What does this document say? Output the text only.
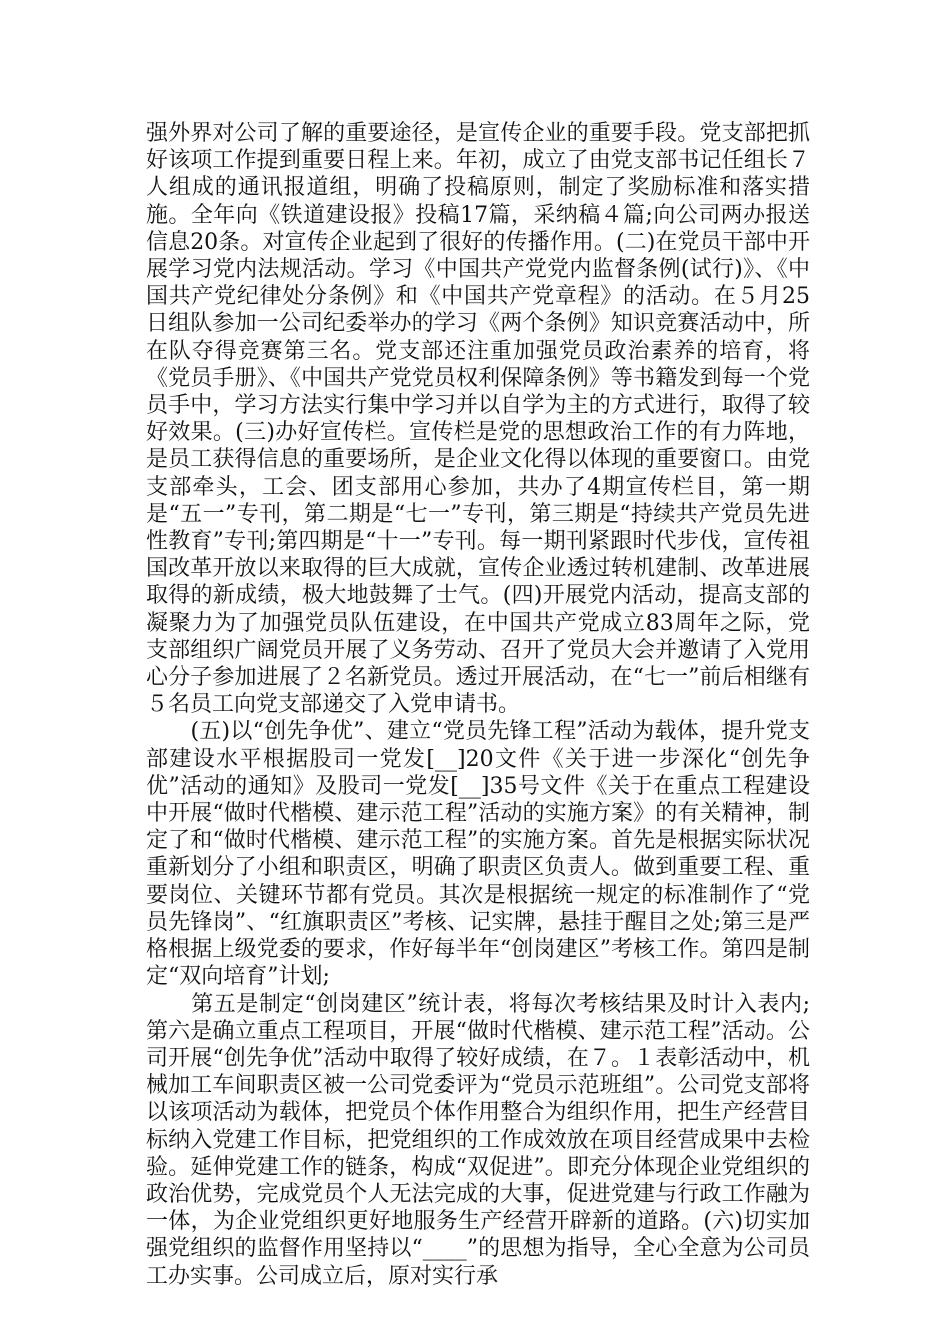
强外界对公司了解的重要途径，是宣传企业的重要手段。党支部把抓好该项工作提到重要日程上来。年初，成立了由党支部书记任组长７人组成的通讯报道组，明确了投稿原则，制定了奖励标准和落实措施。全年向《铁道建设报》投稿17篇，采纳稿４篇;向公司两办报送信息20条。对宣传企业起到了很好的传播作用。(二)在党员干部中开展学习党内法规活动。学习《中国共产党党内监督条例(试行)》、《中国共产党纪律处分条例》和《中国共产党章程》的活动。在５月25日组队参加一公司纪委举办的学习《两个条例》知识竞赛活动中，所在队夺得竞赛第三名。党支部还注重加强党员政治素养的培育，将《党员手册》、《中国共产党党员权利保障条例》等书籍发到每一个党员手中，学习方法实行集中学习并以自学为主的方式进行，取得了较好效果。(三)办好宣传栏。宣传栏是党的思想政治工作的有力阵地，是员工获得信息的重要场所，是企业文化得以体现的重要窗口。由党支部牵头，工会、团支部用心参加，共办了4期宣传栏目，第一期是“五一”专刊，第二期是“七一”专刊，第三期是“持续共产党员先进性教育”专刊;第四期是“十一”专刊。每一期刊紧跟时代步伐，宣传祖国改革开放以来取得的巨大成就，宣传企业透过转机建制、改革进展取得的新成绩，极大地鼓舞了士气。(四)开展党内活动，提高支部的凝聚力为了加强党员队伍建设，在中国共产党成立83周年之际，党支部组织广阔党员开展了义务劳动、召开了党员大会并邀请了入党用心分子参加进展了２名新党员。透过开展活动，在“七一”前后相继有５名员工向党支部递交了入党申请书。

　　(五)以“创先争优”、建立“党员先锋工程”活动为载体，提升党支部建设水平根据股司一党发[__]20文件《关于进一步深化“创先争优”活动的通知》及股司一党发[__]35号文件《关于在重点工程建设中开展“做时代楷模、建示范工程”活动的实施方案》的有关精神，制定了和“做时代楷模、建示范工程”的实施方案。首先是根据实际状况重新划分了小组和职责区，明确了职责区负责人。做到重要工程、重要岗位、关键环节都有党员。其次是根据统一规定的标准制作了“党员先锋岗”、“红旗职责区”考核、记实牌，悬挂于醒目之处;第三是严格根据上级党委的要求，作好每半年“创岗建区”考核工作。第四是制定“双向培育”计划;

　　第五是制定“创岗建区”统计表，将每次考核结果及时计入表内;第六是确立重点工程项目，开展“做时代楷模、建示范工程”活动。公司开展“创先争优”活动中取得了较好成绩，在７。１表彰活动中，机械加工车间职责区被一公司党委评为“党员示范班组”。公司党支部将以该项活动为载体，把党员个体作用整合为组织作用，把生产经营目标纳入党建工作目标，把党组织的工作成效放在项目经营成果中去检验。延伸党建工作的链条，构成“双促进”。即充分体现企业党组织的政治优势，完成党员个人无法完成的大事，促进党建与行政工作融为一体，为企业党组织更好地服务生产经营开辟新的道路。(六)切实加强党组织的监督作用坚持以“____”的思想为指导，全心全意为公司员工办实事。公司成立后，原对实行承
